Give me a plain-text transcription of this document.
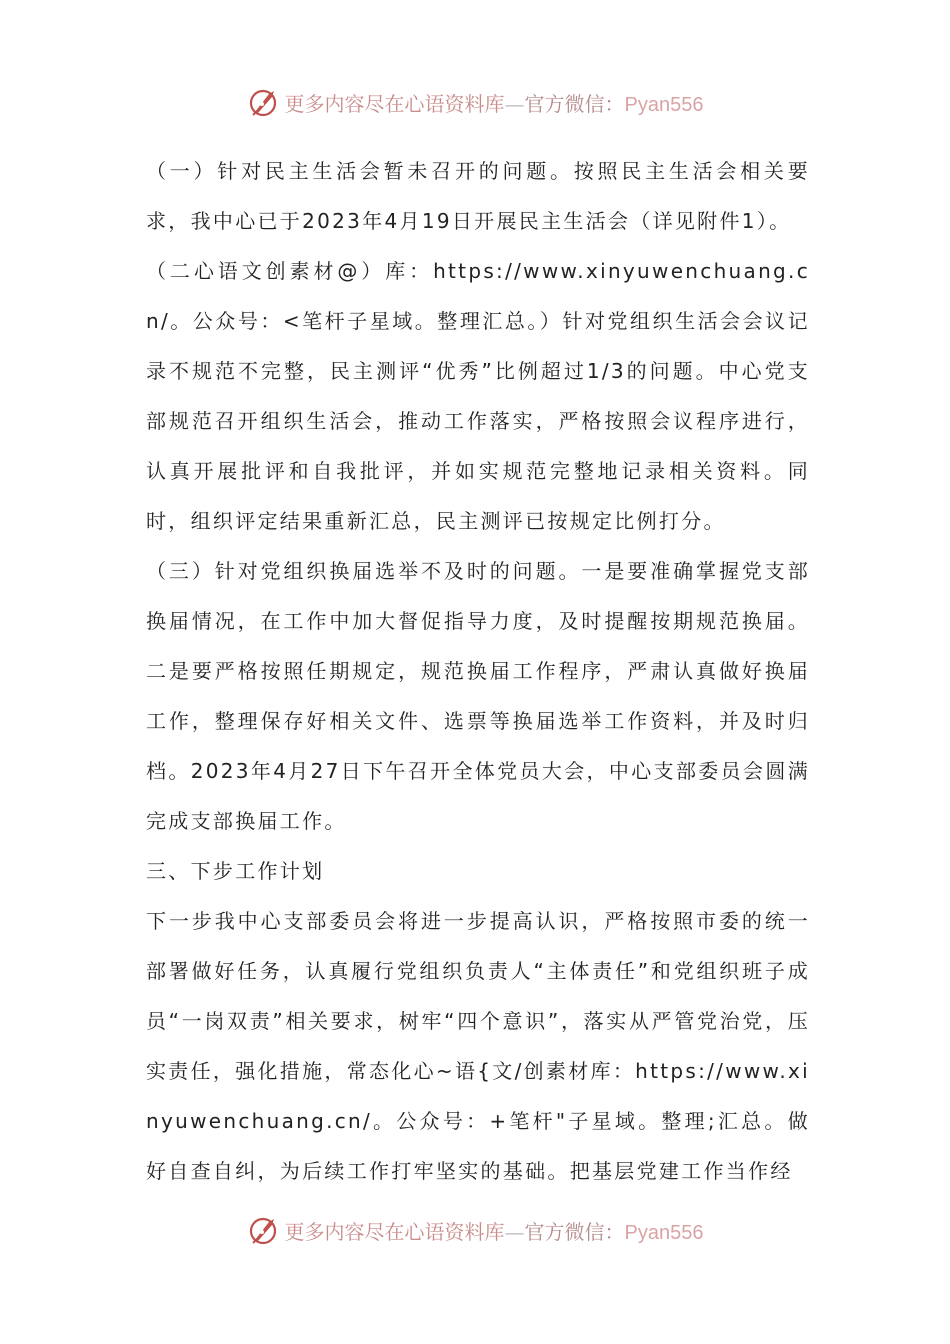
更多内容尽在心语资料库—官方微信：Pyan556

（一）针对民主生活会暂未召开的问题。按照民主生活会相关要求，我中心已于2023年4月19日开展民主生活会（详见附件1）。

（二心语文创素材@）库：https://www.xinyuwenchuang.cn/。公众号：<笔杆子星域。整理汇总。）针对党组织生活会会议记录不规范不完整，民主测评“优秀”比例超过1/3的问题。中心党支部规范召开组织生活会，推动工作落实，严格按照会议程序进行，认真开展批评和自我批评，并如实规范完整地记录相关资料。同时，组织评定结果重新汇总，民主测评已按规定比例打分。

（三）针对党组织换届选举不及时的问题。一是要准确掌握党支部换届情况，在工作中加大督促指导力度，及时提醒按期规范换届。二是要严格按照任期规定，规范换届工作程序，严肃认真做好换届工作，整理保存好相关文件、选票等换届选举工作资料，并及时归档。2023年4月27日下午召开全体党员大会，中心支部委员会圆满完成支部换届工作。

三、下步工作计划

下一步我中心支部委员会将进一步提高认识，严格按照市委的统一部署做好任务，认真履行党组织负责人“主体责任”和党组织班子成员“一岗双责”相关要求，树牢“四个意识”，落实从严管党治党，压实责任，强化措施，常态化心~语{文/创素材库：https://www.xinyuwenchuang.cn/。公众号：+笔杆"子星域。整理;汇总。做好自查自纠，为后续工作打牢坚实的基础。把基层党建工作当作经

更多内容尽在心语资料库—官方微信：Pyan556
